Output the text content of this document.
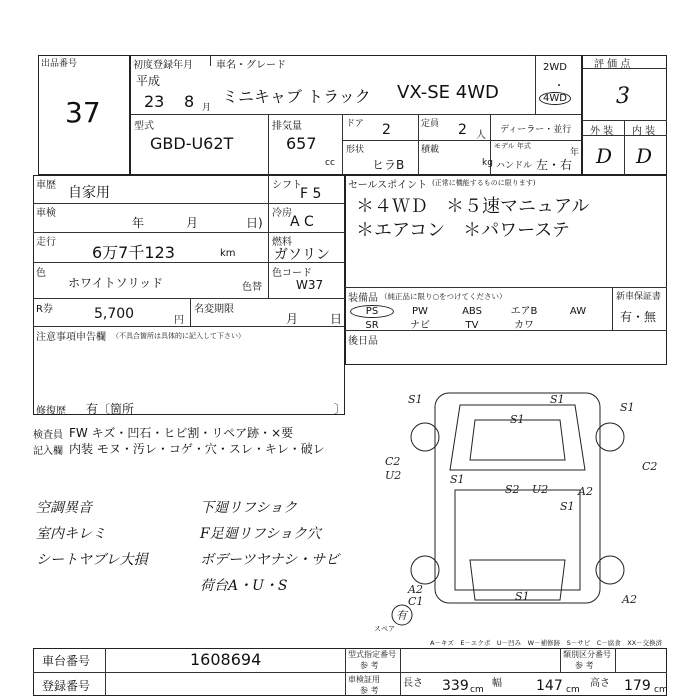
出品番号
37
初度登録年月 車名・グレード
平成
23 8 月
ミニキャブ トラック VX-SE 4WD
2WD
・
4WD
型式
GBD-U62T
排気量
657
cc
ドア 2	定員 2 人 ディーラー・並行
モデル 年式
年
形状
ヒラB
積載
kg ハンドル 左・右
評 価 点
3
外 装 内 装
D D
車歴 自家用	シフト
F 5
車検
年	月	日)
冷房
A C
走行
6万7千123	km
燃料
ガソリン
色
ホワイトソリッド	色替
色コード
W37
R券	5,700	円
名変期限
月	日
注意事項申告欄 （不具合箇所は具体的に記入して下さい）
修復歴 有〔箇所	〕
セールスポイント (正常に機能するものに限ります)
＊４ＷＤ　＊５速マニュアル
＊エアコン　＊パワーステ
装備品 （純正品に限り○をつけてください）
PS	PW	ABS	エアB	AW
SR	ナビ	TV	カワ
新車保証書
有・無
後日品
検査員
記入欄
FW キズ・凹石・ヒビ割・リペア跡・×要
内装 モヌ・汚レ・コゲ・穴・スレ・キレ・破レ
空調異音
室内キレミ
シートヤブレ大損
下廻リフショク
F足廻リフショク穴
ボデーツヤナシ・サビ
荷台A・U・S
S1
S1
S1
S1
S2 U2	A2
C2
U2
C2
S1
A2
C1	S1	A2
S1
有
スペア
A－キズ　E－エクボ　U－凹み　W－補修跡　S－サビ　C－腐食　XX－交換済
車台番号	1608694
登録番号
型式指定番号
参 考
類別区分番号
参 考
車検証用
参 考
長さ 339 cm
幅 147 cm
高さ 179 cm
